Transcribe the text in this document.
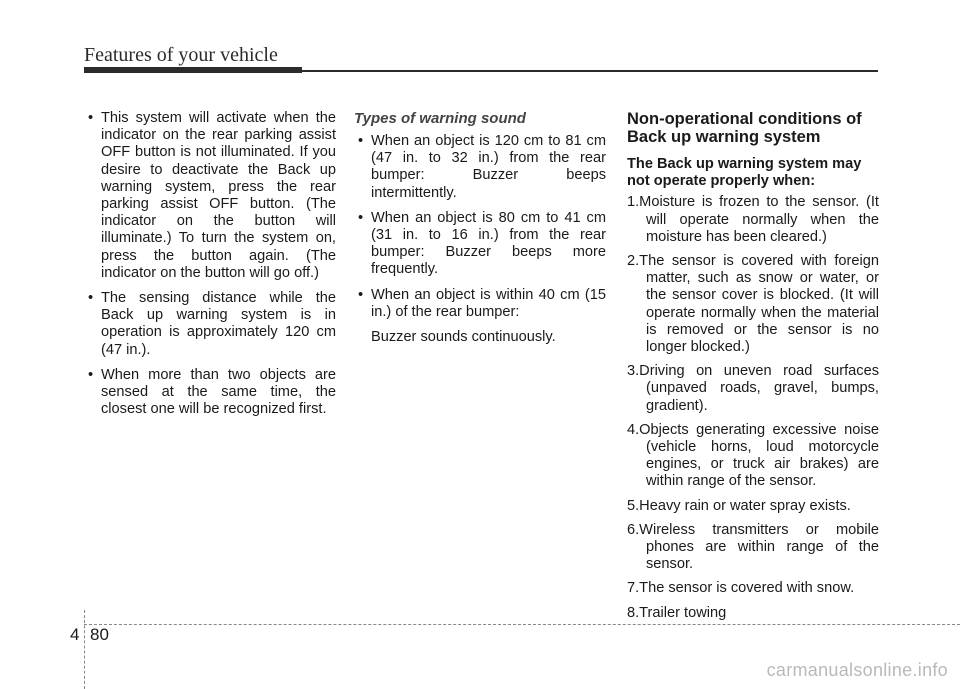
Features of your vehicle
• This system will activate when the indicator on the rear parking assist OFF button is not illuminated. If you desire to deactivate the Back up warning system, press the rear parking assist OFF button. (The indicator on the button will illuminate.) To turn the system on, press the button again. (The indicator on the button will go off.)
• The sensing distance while the Back up warning system is in operation is approximately 120 cm (47 in.).
• When more than two objects are sensed at the same time, the closest one will be recognized first.
Types of warning sound
• When an object is 120 cm to 81 cm (47 in. to 32 in.) from the rear bumper: Buzzer beeps intermittently.
• When an object is 80 cm to 41 cm (31 in. to 16 in.) from the rear bumper: Buzzer beeps more frequently.
• When an object is within 40 cm (15 in.) of the rear bumper:

Buzzer sounds continuously.

Non-operational conditions of Back up warning system

The Back up warning system may not operate properly when:

1.Moisture is frozen to the sensor. (It will operate normally when the moisture has been cleared.)
2.The sensor is covered with foreign matter, such as snow or water, or the sensor cover is blocked. (It will operate normally when the material is removed or the sensor is no longer blocked.)
3.Driving on uneven road surfaces (unpaved roads, gravel, bumps, gradient).
4.Objects generating excessive noise (vehicle horns, loud motorcycle engines, or truck air brakes) are within range of the sensor.
5.Heavy rain or water spray exists.
6.Wireless transmitters or mobile phones are within range of the sensor.
7.The sensor is covered with snow.
8.Trailer towing
4 80
carmanualsonline.info
